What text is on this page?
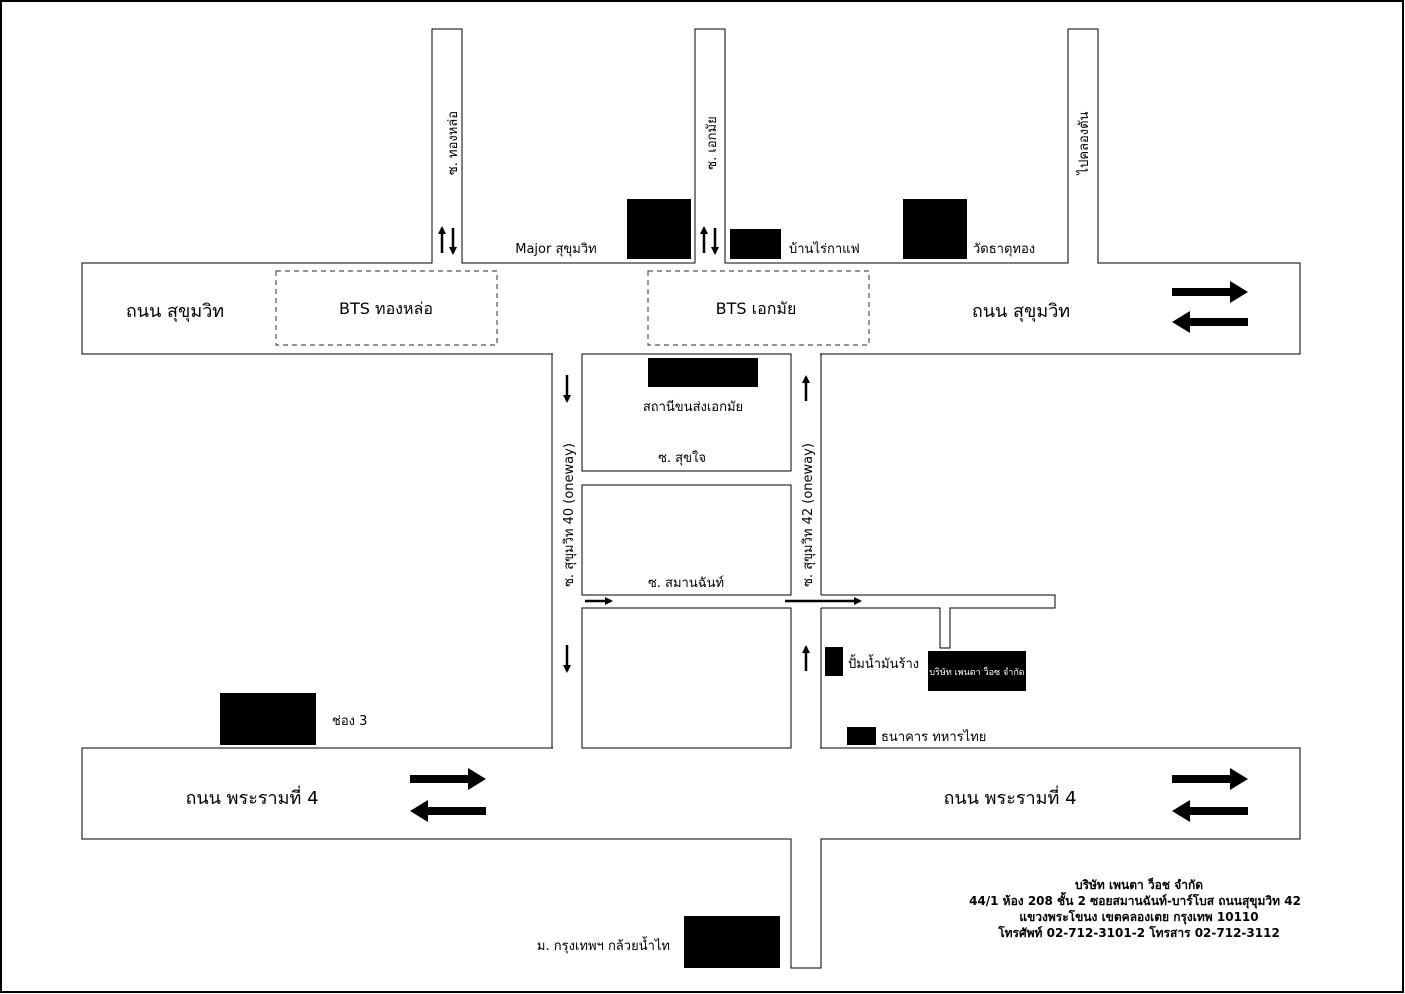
BTS ทองหล่อ	BTS เอกมัย
ถนน สุขุมวิท	ถนน สุขุมวิท
ถนน พระรามที่ 4	ถนน พระรามที่ 4
ซ. ทองหล่อ	ซ. เอกมัย	ไปคลองตัน
ซ. สุขุมวิท 40 (oneway)	ซ. สุขุมวิท 42 (oneway)
ซ. สุขใจ
ซ. สมานฉันท์
Major สุขุมวิท	บ้านไร่กาแฟ	วัดธาตุทอง
สถานีขนส่งเอกมัย
ปั้มน้ำมันร้าง
บริษัท เพนตา ว็อซ จำกัด
ธนาคาร ทหารไทย
ช่อง 3
ม. กรุงเทพฯ กล้วยน้ำไท
บริษัท เพนตา ว็อช จำกัด
44/1 ห้อง 208 ชั้น 2 ซอยสมานฉันท์-บาร์โบส ถนนสุขุมวิท 42
แขวงพระโขนง เขตคลองเตย กรุงเทพ 10110
โทรศัพท์ 02-712-3101-2 โทรสาร 02-712-3112
